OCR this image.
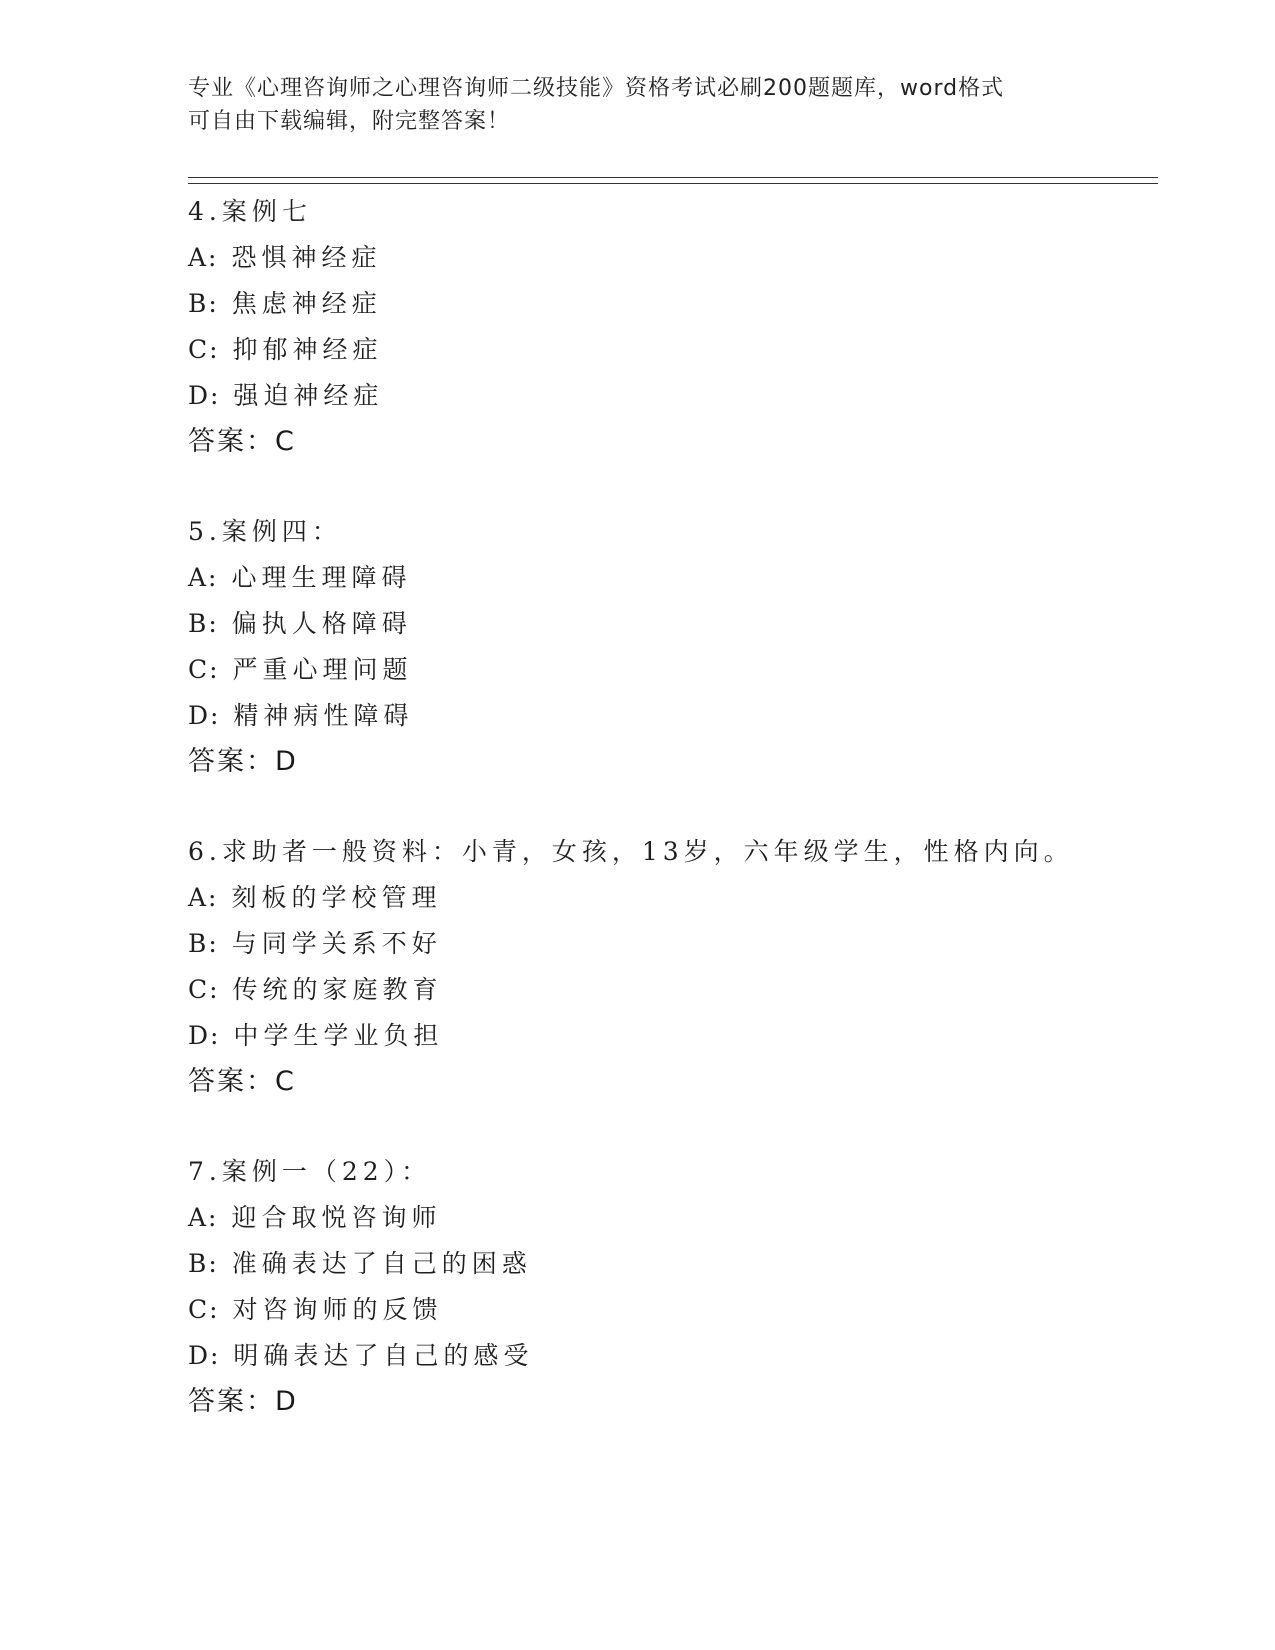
专业《心理咨询师之心理咨询师二级技能》资格考试必刷200题题库，word格式
可自由下载编辑，附完整答案！
4.案例七
A: 恐惧神经症
B: 焦虑神经症
C: 抑郁神经症
D: 强迫神经症
答案：C
5.案例四：
A: 心理生理障碍
B: 偏执人格障碍
C: 严重心理问题
D: 精神病性障碍
答案：D
6.求助者一般资料：小青，女孩，13岁，六年级学生，性格内向。
A: 刻板的学校管理
B: 与同学关系不好
C: 传统的家庭教育
D: 中学生学业负担
答案：C
7.案例一（22）：
A: 迎合取悦咨询师
B: 准确表达了自己的困惑
C: 对咨询师的反馈
D: 明确表达了自己的感受
答案：D
